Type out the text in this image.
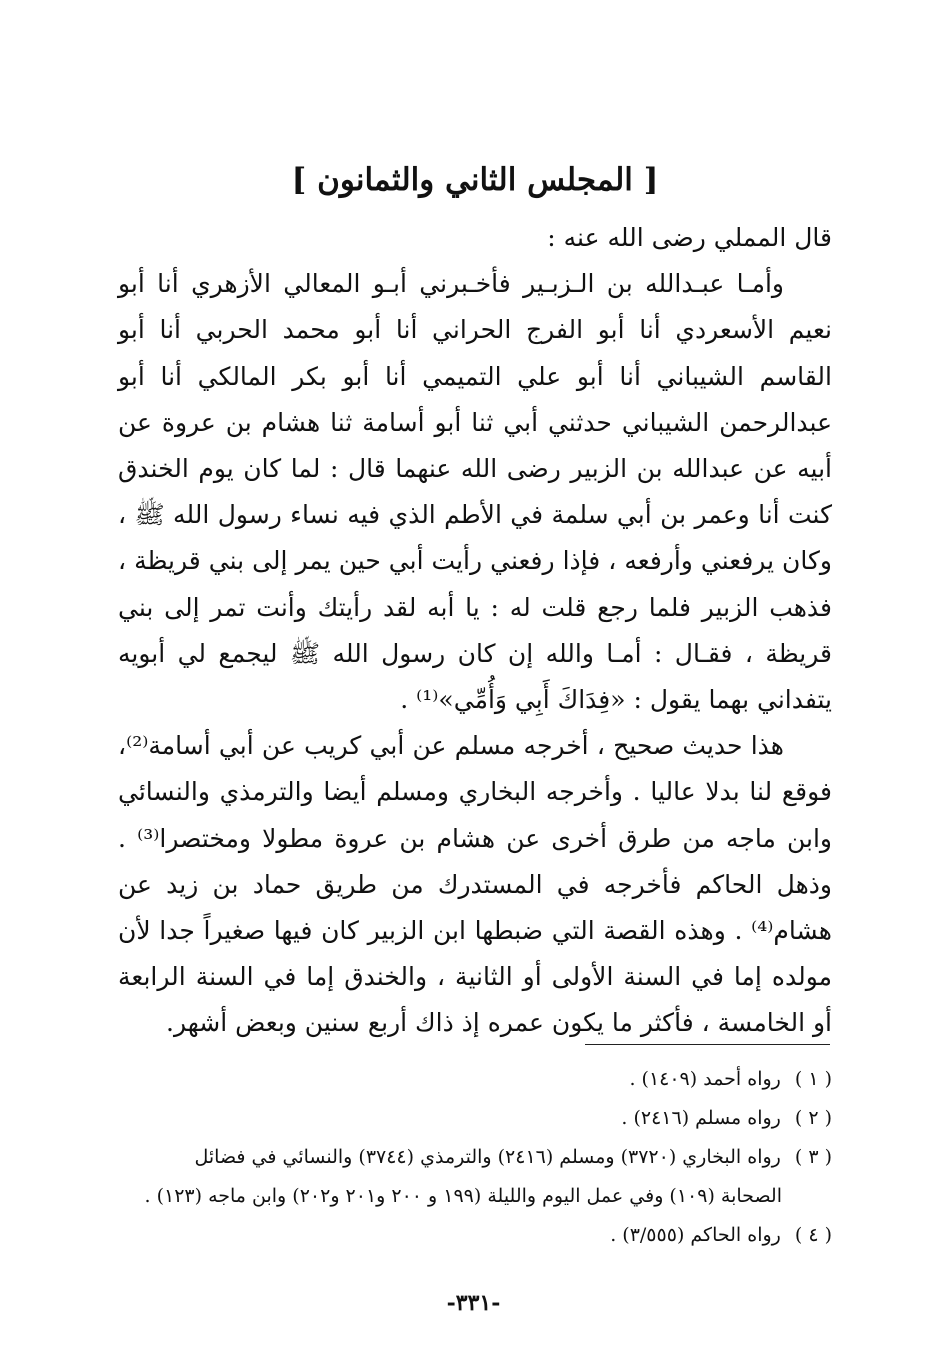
[ المجلس الثاني والثمانون ]

قال المملي رضى الله عنه :

وأمـا عبـدالله بن الـزبـير فأخـبرني أبـو المعالي الأزهري أنا أبو نعيم الأسعردي أنا أبو الفرج الحراني أنا أبو محمد الحربي أنا أبو القاسم الشيباني أنا أبو علي التميمي أنا أبو بكر المالكي أنا أبو عبدالرحمن الشيباني حدثني أبي ثنا أبو أسامة ثنا هشام بن عروة عن أبيه عن عبدالله بن الزبير رضى الله عنهما قال : لما كان يوم الخندق كنت أنا وعمر بن أبي سلمة في الأطم الذي فيه نساء رسول الله ﷺ ، وكان يرفعني وأرفعه ، فإذا رفعني رأيت أبي حين يمر إلى بني قريظة ، فذهب الزبير فلما رجع قلت له : يا أبه لقد رأيتك وأنت تمر إلى بني قريظة ، فقـال : أمـا والله إن كان رسول الله ﷺ ليجمع لي أبويه يتفداني بهما يقول : «فِدَاكَ أَبِي وَأُمِّي»⁽¹⁾ .

هذا حديث صحيح ، أخرجه مسلم عن أبي كريب عن أبي أسامة⁽²⁾، فوقع لنا بدلا عاليا . وأخرجه البخاري ومسلم أيضا والترمذي والنسائي وابن ماجه من طرق أخرى عن هشام بن عروة مطولا ومختصرا⁽³⁾ . وذهل الحاكم فأخرجه في المستدرك من طريق حماد بن زيد عن هشام⁽⁴⁾ . وهذه القصة التي ضبطها ابن الزبير كان فيها صغيراً جدا لأن مولده إما في السنة الأولى أو الثانية ، والخندق إما في السنة الرابعة أو الخامسة ، فأكثر ما يكون عمره إذ ذاك أربع سنين وبعض أشهر.

( ١ ) رواه أحمد (١٤٠٩) .

( ٢ ) رواه مسلم (٢٤١٦) .

( ٣ ) رواه البخاري (٣٧٢٠) ومسلم (٢٤١٦) والترمذي (٣٧٤٤) والنسائي في فضائل

الصحابة (١٠٩) وفي عمل اليوم والليلة (١٩٩ و ٢٠٠ و٢٠١ و٢٠٢) وابن ماجه (١٢٣) .

( ٤ ) رواه الحاكم (٣/٥٥٥) .

-٣٣١-
